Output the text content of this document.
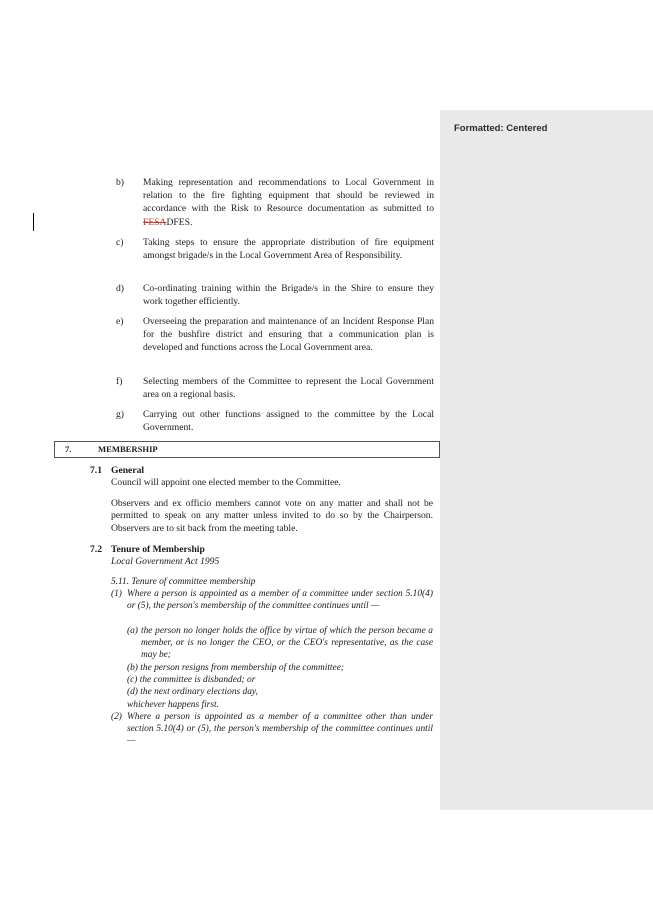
b) Making representation and recommendations to Local Government in relation to the fire fighting equipment that should be reviewed in accordance with the Risk to Resource documentation as submitted to FESADFES.
c) Taking steps to ensure the appropriate distribution of fire equipment amongst brigade/s in the Local Government Area of Responsibility.
d) Co-ordinating training within the Brigade/s in the Shire to ensure they work together efficiently.
e) Overseeing the preparation and maintenance of an Incident Response Plan for the bushfire district and ensuring that a communication plan is developed and functions across the Local Government area.
f) Selecting members of the Committee to represent the Local Government area on a regional basis.
g) Carrying out other functions assigned to the committee by the Local Government.
7.	MEMBERSHIP
7.1 General
Council will appoint one elected member to the Committee.
Observers and ex officio members cannot vote on any matter and shall not be permitted to speak on any matter unless invited to do so by the Chairperson. Observers are to sit back from the meeting table.
7.2 Tenure of Membership
Local Government Act 1995
5.11. Tenure of committee membership
(1) Where a person is appointed as a member of a committee under section 5.10(4) or (5), the person's membership of the committee continues until —
(a) the person no longer holds the office by virtue of which the person became a member, or is no longer the CEO, or the CEO's representative, as the case may be;
(b) the person resigns from membership of the committee;
(c) the committee is disbanded; or
(d) the next ordinary elections day,
whichever happens first.
(2) Where a person is appointed as a member of a committee other than under section 5.10(4) or (5), the person's membership of the committee continues until —
Formatted: Centered
